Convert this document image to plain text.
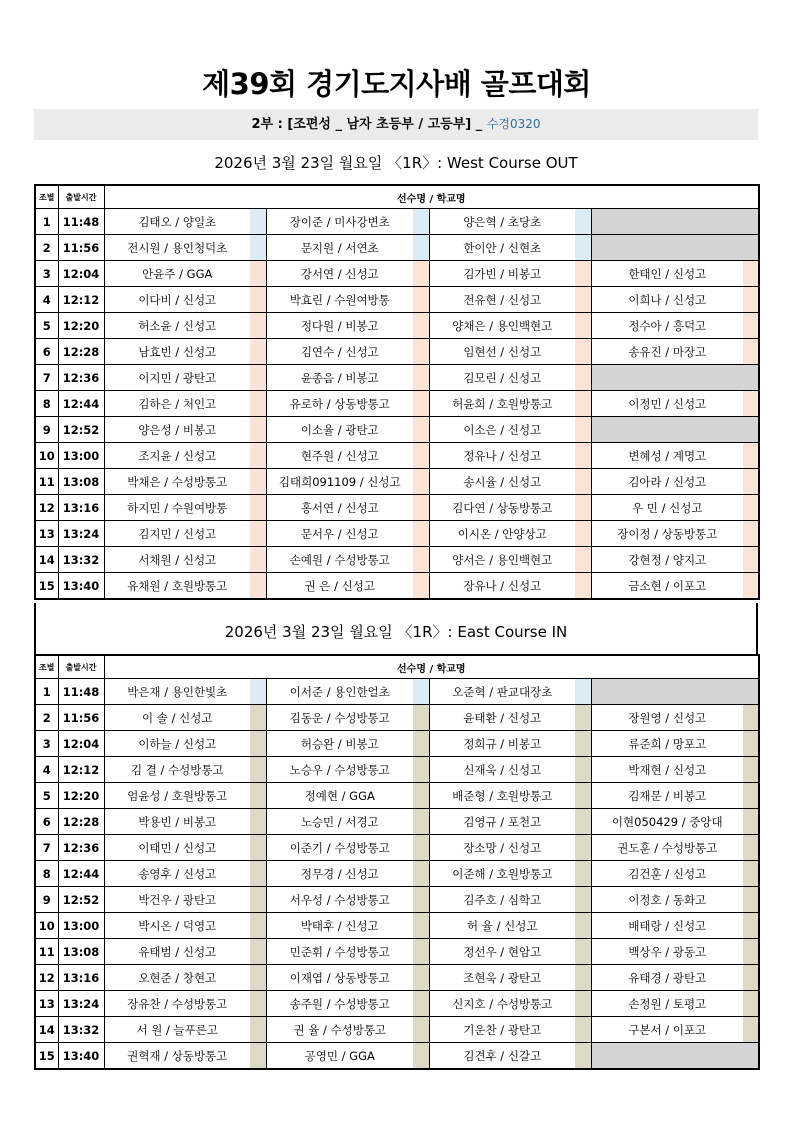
제39회 경기도지사배 골프대회
2부 : [조편성 _ 남자 초등부 / 고등부] _ 수경0320
2026년 3월 23일 월요일 〈1R〉: West Course OUT
조별	출발시간	선수명 / 학교명							
1	11:48	김태오 / 양일초		장이준 / 미사강변초		양은혁 / 초당초			
2	11:56	전시원 / 용인청덕초		문지원 / 서연초		한이안 / 신현초			
3	12:04	안윤주 / GGA		강서연 / 신성고		김가빈 / 비봉고		한태인 / 신성고	
4	12:12	이다비 / 신성고		박효린 / 수원여방통		전유현 / 신성고		이희나 / 신성고	
5	12:20	허소윤 / 신성고		정다원 / 비봉고		양채은 / 용인백현고		정수아 / 흥덕고	
6	12:28	남효빈 / 신성고		김연수 / 신성고		임현선 / 신성고		송유진 / 마장고	
7	12:36	이지민 / 광탄고		윤종음 / 비봉고		김모린 / 신성고			
8	12:44	김하은 / 처인고		유로하 / 상동방통고		허윤희 / 호원방통고		이정민 / 신성고	
9	12:52	양은성 / 비봉고		이소율 / 광탄고		이소은 / 신성고			
10	13:00	조지윤 / 신성고		현주원 / 신성고		정유나 / 신성고		변혜성 / 계명고	
11	13:08	박채은 / 수성방통고		김태희091109 / 신성고		송시율 / 신성고		김아라 / 신성고	
12	13:16	하지민 / 수원여방통		홍서연 / 신성고		김다연 / 상동방통고		우 민 / 신성고	
13	13:24	김지민 / 신성고		문서우 / 신성고		이시온 / 안양상고		장이정 / 상동방통고	
14	13:32	서채원 / 신성고		손예원 / 수성방통고		양서은 / 용인백현고		강현정 / 양지고	
15	13:40	유채원 / 호원방통고		권 은 / 신성고		장유나 / 신성고		금소현 / 이포고	
2026년 3월 23일 월요일 〈1R〉: East Course IN
조별	출발시간	선수명 / 학교명							
1	11:48	박은재 / 용인한빛초		이서준 / 용인한얼초		오준혁 / 판교대장초			
2	11:56	이 솔 / 신성고		김동운 / 수성방통고		윤태환 / 신성고		장원영 / 신성고	
3	12:04	이하늘 / 신성고		허승완 / 비봉고		정희규 / 비봉고		류준희 / 망포고	
4	12:12	김 결 / 수성방통고		노승우 / 수성방통고		신재욱 / 신성고		박재현 / 신성고	
5	12:20	엄윤성 / 호원방통고		정예현 / GGA		배준형 / 호원방통고		김재문 / 비봉고	
6	12:28	박용빈 / 비봉고		노승민 / 서경고		김영규 / 포천고		이현050429 / 중앙대	
7	12:36	이태민 / 신성고		이준기 / 수성방통고		장소망 / 신성고		권도훈 / 수성방통고	
8	12:44	송영후 / 신성고		정무경 / 신성고		이준해 / 호원방통고		김건훈 / 신성고	
9	12:52	박건우 / 광탄고		서우성 / 수성방통고		김주호 / 심학고		이정호 / 동화고	
10	13:00	박시온 / 덕영고		박태후 / 신성고		허 율 / 신성고		배태랑 / 신성고	
11	13:08	유태범 / 신성고		민준휘 / 수성방통고		정선우 / 현암고		백상우 / 광동고	
12	13:16	오현준 / 창현고		이재엽 / 상동방통고		조현욱 / 광탄고		유태경 / 광탄고	
13	13:24	장유찬 / 수성방통고		송주원 / 수성방통고		신지호 / 수성방통고		손정원 / 토평고	
14	13:32	서 원 / 늘푸른고		권 율 / 수성방통고		기운찬 / 광탄고		구본서 / 이포고	
15	13:40	권혁재 / 상동방통고		공영민 / GGA		김견후 / 신갈고			
